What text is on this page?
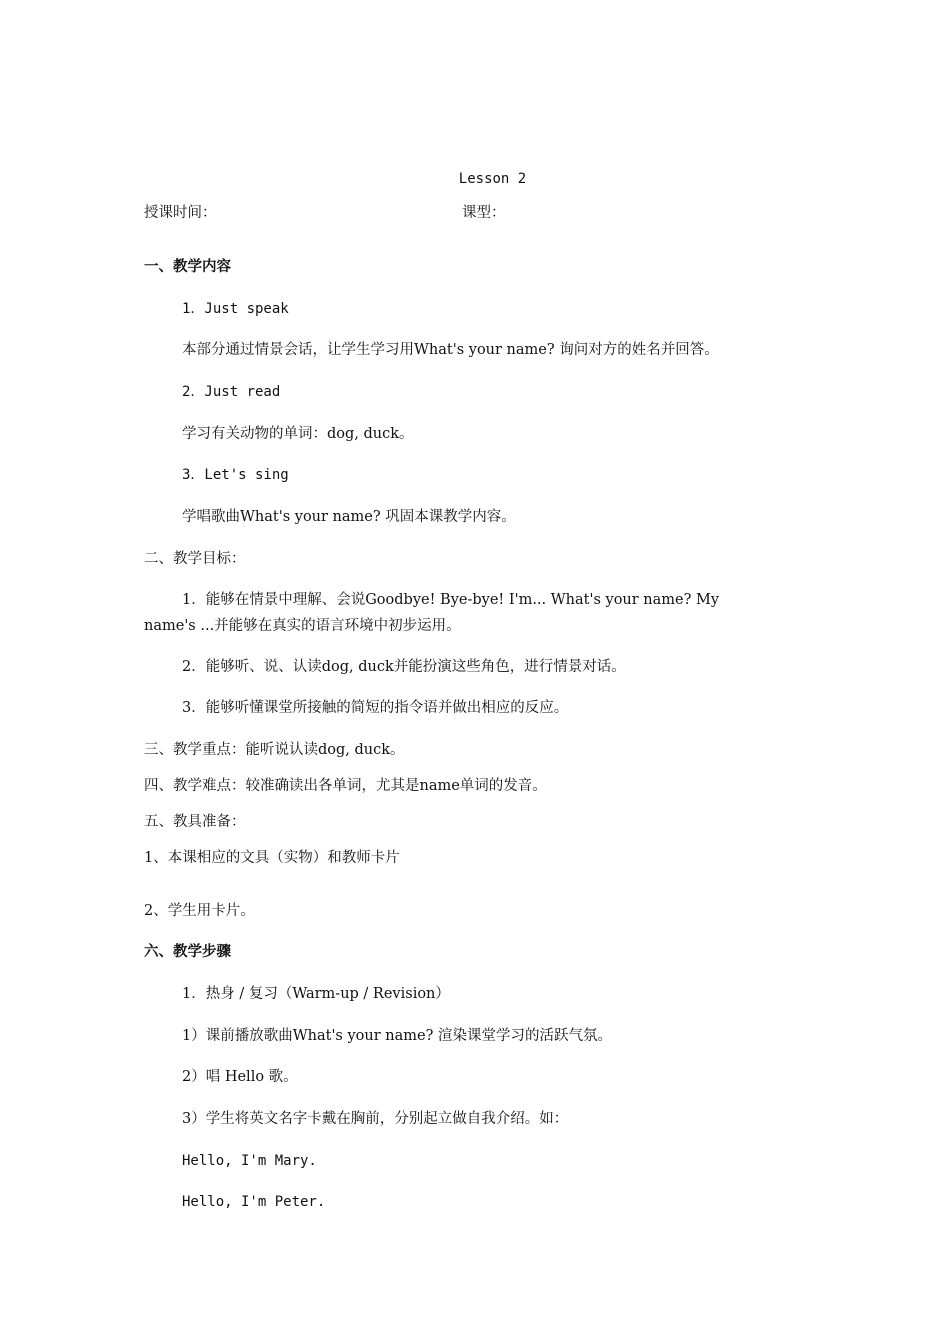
Lesson 2
授课时间：	课型：
一、教学内容
1．Just speak
本部分通过情景会话，让学生学习用What's your name? 询问对方的姓名并回答。
2．Just read
学习有关动物的单词：dog, duck。
3．Let's sing
学唱歌曲What's your name? 巩固本课教学内容。
二、教学目标：
1．能够在情景中理解、会说Goodbye! Bye-bye! I'm... What's your name? My
name's ...并能够在真实的语言环境中初步运用。
2．能够听、说、认读dog, duck并能扮演这些角色，进行情景对话。
3．能够听懂课堂所接触的简短的指令语并做出相应的反应。
三、教学重点：能听说认读dog, duck。
四、教学难点：较准确读出各单词，尤其是name单词的发音。
五、教具准备：
1、本课相应的文具（实物）和教师卡片
2、学生用卡片。
六、教学步骤
1．热身 / 复习（Warm-up / Revision）
1）课前播放歌曲What's your name? 渲染课堂学习的活跃气氛。
2）唱 Hello 歌。
3）学生将英文名字卡戴在胸前，分别起立做自我介绍。如：
Hello, I'm Mary.
Hello, I'm Peter.
